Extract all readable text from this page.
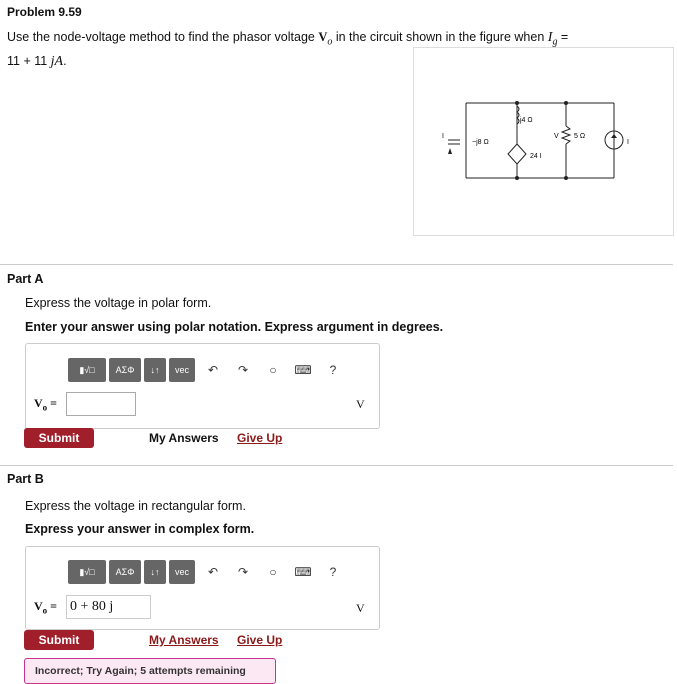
Problem 9.59
Use the node-voltage method to find the phasor voltage $V_o$ in the circuit shown in the figure when $I_g$ =
11 + 11 jA.
j4 Ω
−j8 Ω
24 I
5 Ω
V
I
I
Part A
Express the voltage in polar form.
Enter your answer using polar notation. Express argument in degrees.
▮√□	ΑΣΦ	↓↑	vec	↶	↷	○	⌨	?
$V_o$ =	V
Submit	My Answers Give Up
Part B
Express the voltage in rectangular form.
Express your answer in complex form.
▮√□	ΑΣΦ	↓↑	vec	↶	↷	○	⌨	?
$V_o = 0 + 80$ j	V
Submit	My Answers Give Up
Incorrect; Try Again; 5 attempts remaining
